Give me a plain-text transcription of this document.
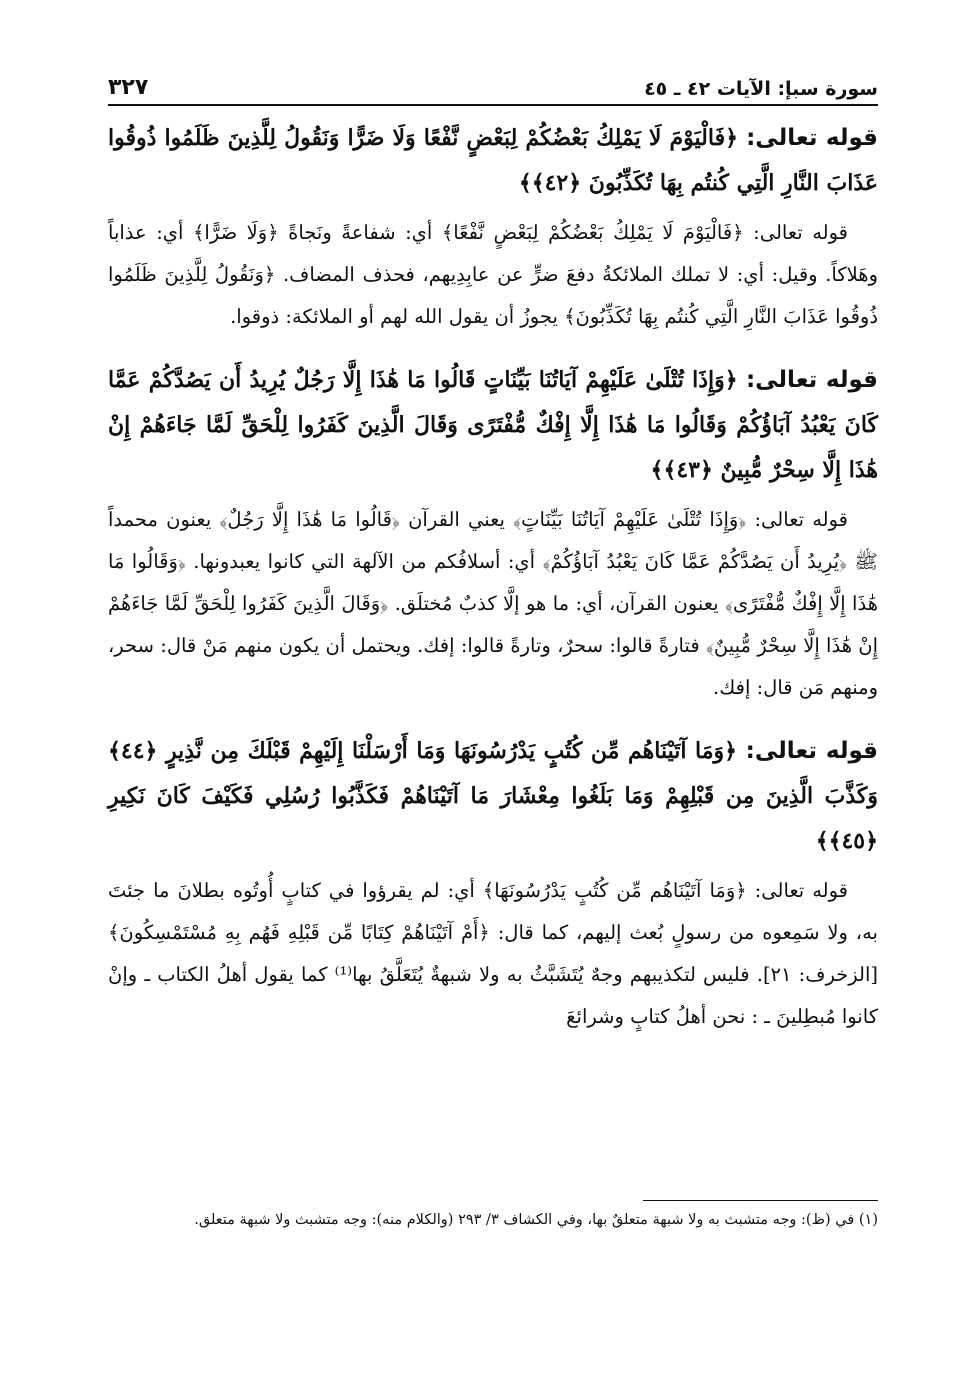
سورة سبإ: الآيات ٤٢ ـ ٤٥
٣٢٧
قوله تعالى: ﴿فَالْيَوْمَ لَا يَمْلِكُ بَعْضُكُمْ لِبَعْضٍ نَّفْعًا وَلَا ضَرًّا وَنَقُولُ لِلَّذِينَ ظَلَمُوا ذُوقُوا عَذَابَ النَّارِ الَّتِي كُنتُم بِهَا تُكَذِّبُونَ ﴿٤٢﴾﴾
قوله تعالى: ﴿فَالْيَوْمَ لَا يَمْلِكُ بَعْضُكُمْ لِبَعْضٍ نَّفْعًا﴾ أي: شفاعةً ونَجاةً ﴿وَلَا ضَرًّا﴾ أي: عذاباً وهَلاكاً. وقيل: أي: لا تملك الملائكةُ دفعَ ضرٍّ عن عابِدِيهم، فحذف المضاف. ﴿وَنَقُولُ لِلَّذِينَ ظَلَمُوا ذُوقُوا عَذَابَ النَّارِ الَّتِي كُنتُم بِهَا تُكَذِّبُونَ﴾ يجوزُ أن يقول الله لهم أو الملائكة: ذوقوا.
قوله تعالى: ﴿وَإِذَا تُتْلَىٰ عَلَيْهِمْ آيَاتُنَا بَيِّنَاتٍ قَالُوا مَا هَٰذَا إِلَّا رَجُلٌ يُرِيدُ أَن يَصُدَّكُمْ عَمَّا كَانَ يَعْبُدُ آبَاؤُكُمْ وَقَالُوا مَا هَٰذَا إِلَّا إِفْكٌ مُّفْتَرًى وَقَالَ الَّذِينَ كَفَرُوا لِلْحَقِّ لَمَّا جَاءَهُمْ إِنْ هَٰذَا إِلَّا سِحْرٌ مُّبِينٌ ﴿٤٣﴾﴾
قوله تعالى: ﴿وَإِذَا تُتْلَىٰ عَلَيْهِمْ آيَاتُنَا بَيِّنَاتٍ﴾ يعني القرآن ﴿قَالُوا مَا هَٰذَا إِلَّا رَجُلٌ﴾ يعنون محمداً ﷺ ﴿يُرِيدُ أَن يَصُدَّكُمْ عَمَّا كَانَ يَعْبُدُ آبَاؤُكُمْ﴾ أي: أسلافُكم من الآلهة التي كانوا يعبدونها. ﴿وَقَالُوا مَا هَٰذَا إِلَّا إِفْكٌ مُّفْتَرًى﴾ يعنون القرآن، أي: ما هو إلَّا كذبٌ مُختلَق. ﴿وَقَالَ الَّذِينَ كَفَرُوا لِلْحَقِّ لَمَّا جَاءَهُمْ إِنْ هَٰذَا إِلَّا سِحْرٌ مُّبِينٌ﴾ فتارةً قالوا: سحرٌ، وتارةً قالوا: إفك. ويحتمل أن يكون منهم مَنْ قال: سحر، ومنهم مَن قال: إفك.
قوله تعالى: ﴿وَمَا آتَيْنَاهُم مِّن كُتُبٍ يَدْرُسُونَهَا وَمَا أَرْسَلْنَا إِلَيْهِمْ قَبْلَكَ مِن نَّذِيرٍ ﴿٤٤﴾ وَكَذَّبَ الَّذِينَ مِن قَبْلِهِمْ وَمَا بَلَغُوا مِعْشَارَ مَا آتَيْنَاهُمْ فَكَذَّبُوا رُسُلِي فَكَيْفَ كَانَ نَكِيرِ ﴿٤٥﴾﴾
قوله تعالى: ﴿وَمَا آتَيْنَاهُم مِّن كُتُبٍ يَدْرُسُونَهَا﴾ أي: لم يقرؤوا في كتابٍ أُوتُوه بطلانَ ما جئتَ به، ولا سَمِعوه من رسولٍ بُعث إليهم، كما قال: ﴿أَمْ آتَيْنَاهُمْ كِتَابًا مِّن قَبْلِهِ فَهُم بِهِ مُسْتَمْسِكُونَ﴾ [الزخرف: ٢١]. فليس لتكذيبهم وجهٌ يُتَشَبَّثُ به ولا شبهةٌ يُتَعَلَّقُ بها⁽¹⁾ كما يقول أهلُ الكتاب ـ وإنْ كانوا مُبطِلينَ ـ : نحن أهلُ كتابٍ وشرائعَ
(١) في (ظ): وجه متشبث به ولا شبهة متعلقٌ بها، وفي الكشاف ٣/ ٢٩٣ (والكلام منه): وجه متشبث ولا شبهة متعلق.
